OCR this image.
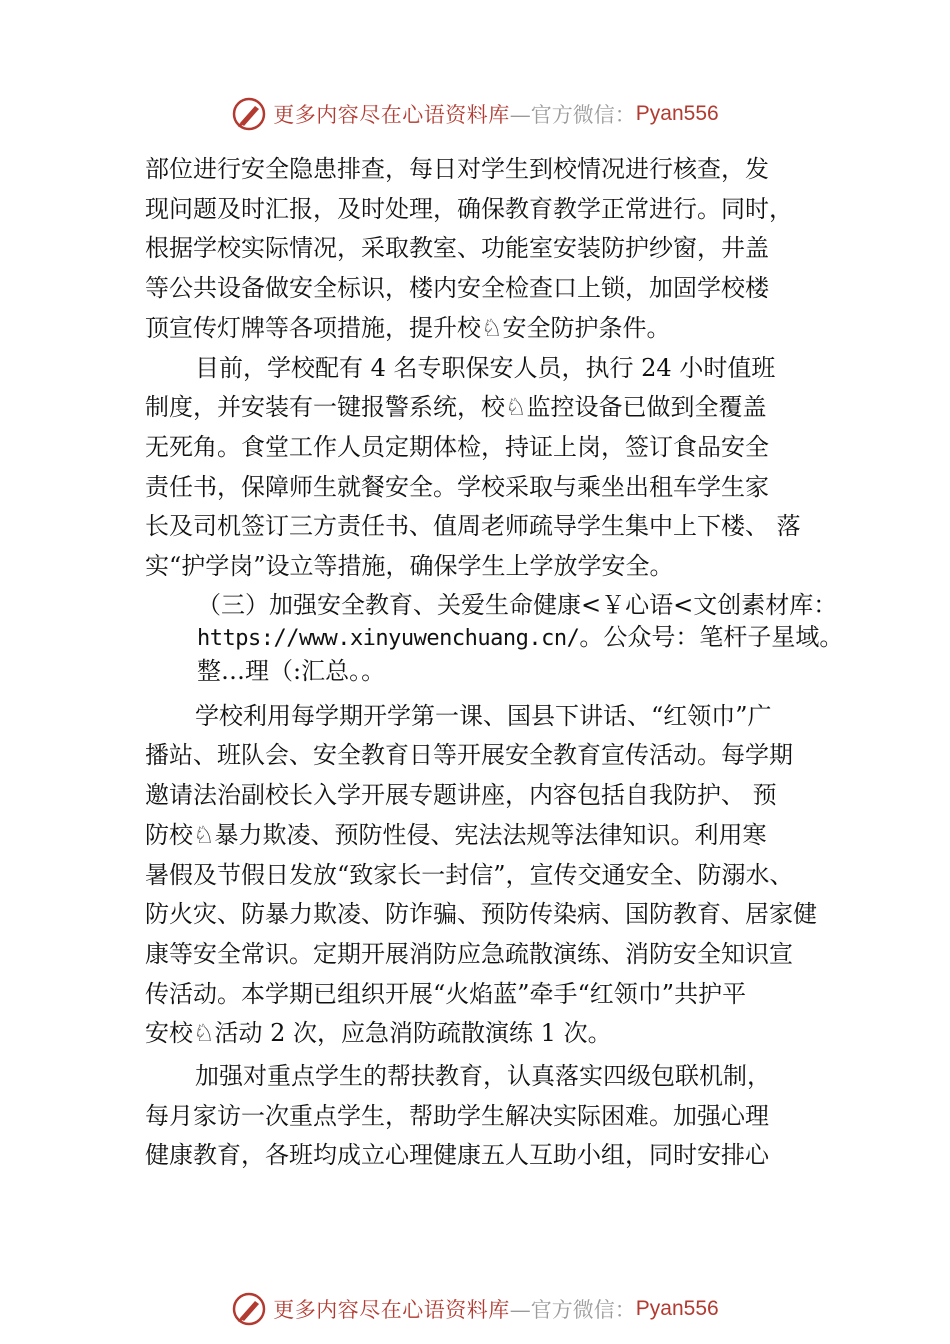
更多内容尽在心语资料库 —官方微信： Pyan556
部位进行安全隐患排查，每日对学生到校情况进行核查，发
现问题及时汇报，及时处理，确保教育教学正常进行。同时，
根据学校实际情况，采取教室、功能室安装防护纱窗，井盖
等公共设备做安全标识，楼内安全检查口上锁，加固学校楼
顶宣传灯牌等各项措施，提升校♘安全防护条件。
目前，学校配有 4 名专职保安人员，执行 24 小时值班
制度，并安装有一键报警系统，校♘监控设备已做到全覆盖
无死角。食堂工作人员定期体检，持证上岗，签订食品安全
责任书，保障师生就餐安全。学校采取与乘坐出租车学生家
长及司机签订三方责任书、值周老师疏导学生集中上下楼、 落
实“护学岗”设立等措施，确保学生上学放学安全。
（三）加强安全教育、关爱生命健康<￥心语<文创素材库：
https://www.xinyuwenchuang.cn/。公众号：笔杆子星域。
整…理（:汇总。。
学校利用每学期开学第一课、国县下讲话、“红领巾”广
播站、班队会、安全教育日等开展安全教育宣传活动。每学期
邀请法治副校长入学开展专题讲座，内容包括自我防护、 预
防校♘暴力欺凌、预防性侵、宪法法规等法律知识。利用寒
暑假及节假日发放“致家长一封信”，宣传交通安全、防溺水、
防火灾、防暴力欺凌、防诈骗、预防传染病、国防教育、居家健
康等安全常识。定期开展消防应急疏散演练、消防安全知识宣
传活动。本学期已组织开展“火焰蓝”牵手“红领巾”共护平
安校♘活动 2 次，应急消防疏散演练 1 次。
加强对重点学生的帮扶教育，认真落实四级包联机制，
每月家访一次重点学生，帮助学生解决实际困难。加强心理
健康教育，各班均成立心理健康五人互助小组，同时安排心
更多内容尽在心语资料库 —官方微信： Pyan556
